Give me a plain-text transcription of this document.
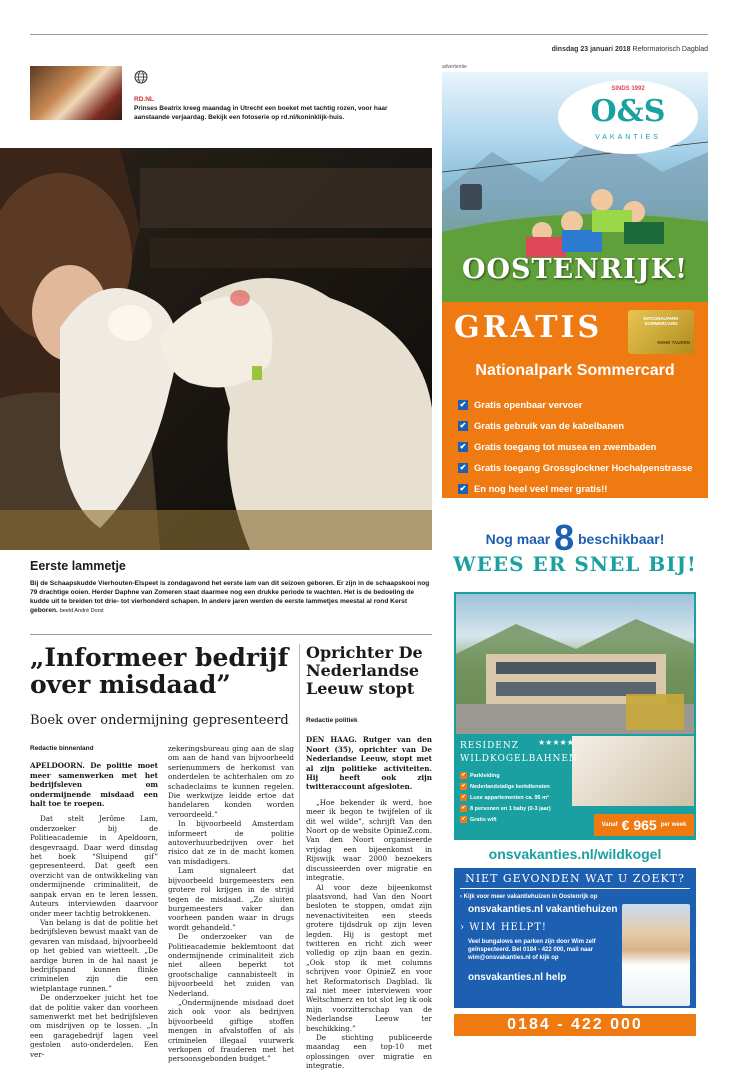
dinsdag 23 januari 2018 Reformatorisch Dagblad
RD.NL
Prinses Beatrix kreeg maandag in Utrecht een boeket met tachtig rozen, voor haar aanstaande verjaardag. Bekijk een fotoserie op rd.nl/koninklijk-huis.
Eerste lammetje
Bij de Schaapskudde Vierhouten-Elspeet is zondagavond het eerste lam van dit seizoen geboren. Er zijn in de schaapskooi nog 79 drachtige ooien. Herder Daphne van Zomeren staat daarmee nog een drukke periode te wachten. Het is de bedoeling de kudde uit te breiden tot drie- tot vierhonderd schapen. In andere jaren werden de eerste lammetjes meestal al rond Kerst geboren. beeld André Dorst
„Informeer bedrijf over misdaad”
Boek over ondermijning gepresenteerd
Redactie binnenland

APELDOORN. De politie moet meer samenwerken met het bedrijfsleven om ondermijnende misdaad een halt toe te roepen.

Dat stelt Jerôme Lam, onderzoeker bij de Politieacademie in Apeldoorn, desgevraagd. Daar werd dinsdag het boek “Sluipend gif” gepresenteerd. Dat geeft een overzicht van de ontwikkeling van ondermijnende criminaliteit, de aanpak ervan en te leren lessen. Auteurs interviewden daarvoor onder meer tachtig betrokkenen.

Van belang is dat de politie het bedrijfsleven bewust maakt van de gevaren van misdaad, bijvoorbeeld op het gebied van wietteelt. „De aardige buren in de hal naast je bedrijfspand kunnen flinke criminelen zijn die een wietplantage runnen.”

De onderzoeker juicht het toe dat de politie vaker dan voorheen samenwerkt met het bedrijfsleven om misdrijven op te lossen. „In een garagebedrijf lagen veel gestolen auto-onderdelen. Een ver-

zekeringsbureau ging aan de slag om aan de hand van bijvoorbeeld serienummers de herkomst van onderdelen te achterhalen om zo schadeclaims te kunnen regelen. Die werkwijze leidde ertoe dat handelaren konden worden veroordeeld.”

In bijvoorbeeld Amsterdam informeert de politie autoverhuurbedrijven over het risico dat ze in de macht komen van misdadigers.

Lam signaleert dat bijvoorbeeld burgemeesters een grotere rol krijgen in de strijd tegen de misdaad. „Zo sluiten burgemeesters vaker dan voorheen panden waar in drugs wordt gehandeld.”

De onderzoeker van de Politieacademie beklemtoont dat ondermijnende criminaliteit zich niet alleen beperkt tot grootschalige cannabisteelt in bijvoorbeeld het zuiden van Nederland.

„Ondermijnende misdaad doet zich ook voor als bedrijven bijvoorbeeld giftige stoffen mengen in afvalstoffen of als criminelen illegaal vuurwerk verkopen of frauderen met het persoonsgebonden budget.”

Oprichter De Nederlandse Leeuw stopt
Redactie politiek

DEN HAAG. Rutger van den Noort (35), oprichter van De Nederlandse Leeuw, stopt met al zijn politieke activiteiten. Hij heeft ook zijn twitteraccount afgesloten.

„Hoe bekender ik werd, hoe meer ik begon te twijfelen of ik dit wel wilde”, schrijft Van den Noort op de website OpinieZ.com. Van den Noort organiseerde vrijdag een bijeenkomst in Rijswijk waar 2000 bezoekers discussieerden over migratie en integratie.

Al voor deze bijeenkomst plaatsvond, had Van den Noort besloten te stoppen, omdat zijn nevenactiviteiten een steeds grotere tijdsdruk op zijn leven legden. Hij is gestopt met twitteren en richt zich weer volledig op zijn baan en gezin. „Ook stop ik met columns schrijven voor OpinieZ en voor het Reformatorisch Dagblad. Ik zal niet meer interviewen voor Weltschmerz en tot slot leg ik ook mijn voorzitterschap van de Nederlandse Leeuw ter beschikking.”

De stichting publiceerde maandag een top-10 met oplossingen over migratie en integratie.

advertentie
SINDS 1992
O&S
VAKANTIES
OOSTENRIJK!
GRATIS	NATIONALPARK SOMMERCARD
HOHE TAUERN
Nationalpark Sommercard
✔ Gratis openbaar vervoer
✔ Gratis gebruik van de kabelbanen
✔ Gratis toegang tot musea en zwembaden
✔ Gratis toegang Grossglockner Hochalpenstrasse
✔ En nog heel veel meer gratis!!
Nog maar 8 beschikbaar!
WEES ER SNEL BIJ!
RESIDENZ
WILDKOGELBAHNEN
★★★★★
✔ Parkleiding
✔ Nederlandstalige kerkdiensten
✔ Luxe appartementen ca. 95 m²
✔ 8 personen en 1 baby (0-3 jaar)
✔ Gratis wifi
Vanaf € 965 per week
onsvakanties.nl/wildkogel
NIET GEVONDEN WAT U ZOEKT?
› Kijk voor meer vakantiehuizen in Oostenrijk op
onsvakanties.nl vakantiehuizen
› WIM HELPT!
Veel bungalows en parken zijn door Wim zelf geïnspecteerd. Bel 0184 - 422 000, mail naar wim@onsvakanties.nl of kijk op
onsvakanties.nl help
0184 - 422 000
